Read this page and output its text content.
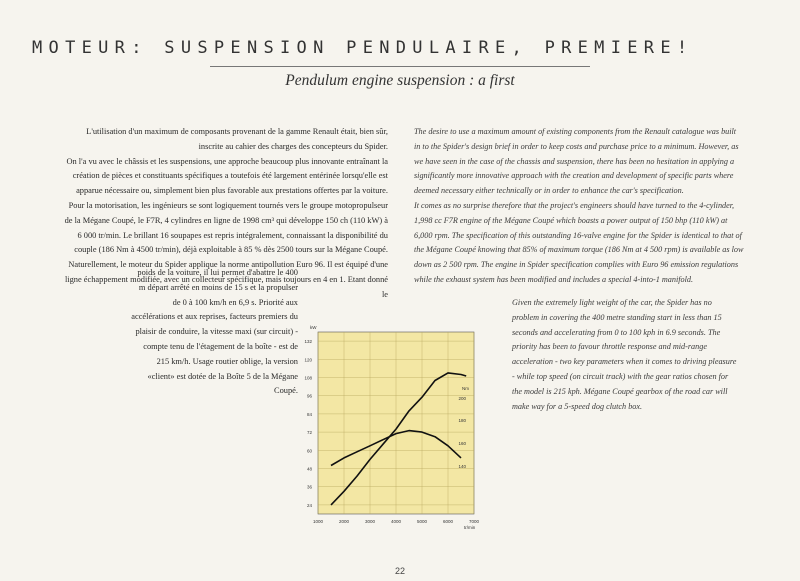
MOTEUR: SUSPENSION PENDULAIRE, PREMIERE!
Pendulum engine suspension : a first

L'utilisation d'un maximum de composants provenant de la gamme Renault était, bien sûr, inscrite au cahier des charges des concepteurs du Spider.

On l'a vu avec le châssis et les suspensions, une approche beaucoup plus innovante entraînant la création de pièces et constituants spécifiques a toutefois été largement entérinée lorsqu'elle est apparue nécessaire ou, simplement bien plus favorable aux prestations offertes par la voiture.

Pour la motorisation, les ingénieurs se sont logiquement tournés vers le groupe motopropulseur de la Mégane Coupé, le F7R, 4 cylindres en ligne de 1998 cm³ qui développe 150 ch (110 kW) à 6 000 tr/min. Le brillant 16 soupapes est repris intégralement, connaissant la disponibilité du couple (186 Nm à 4500 tr/min), déjà exploitable à 85 % dès 2500 tours sur la Mégane Coupé.

Naturellement, le moteur du Spider applique la norme antipollution Euro 96. Il est équipé d'une ligne échappement modifiée, avec un collecteur spécifique, mais toujours en 4 en 1. Etant donné le

poids de la voiture, il lui permet d'abattre le 400 m départ arrêté en moins de 15 s et la propulser de 0 à 100 km/h en 6,9 s. Priorité aux accélérations et aux reprises, facteurs premiers du plaisir de conduire, la vitesse maxi (sur circuit) - compte tenu de l'étagement de la boîte - est de 215 km/h. Usage routier oblige, la version «client» est dotée de la Boîte 5 de la Mégane Coupé.

The desire to use a maximum amount of existing components from the Renault catalogue was built in to the Spider's design brief in order to keep costs and purchase price to a minimum. However, as we have seen in the case of the chassis and suspension, there has been no hesitation in applying a significantly more innovative approach with the creation and development of specific parts where deemed necessary either technically or in order to enhance the car's specification.

It comes as no surprise therefore that the project's engineers should have turned to the 4-cylinder, 1,998 cc F7R engine of the Mégane Coupé which boasts a power output of 150 bhp (110 kW) at 6,000 rpm. The specification of this outstanding 16-valve engine for the Spider is identical to that of the Mégane Coupé knowing that 85% of maximum torque (186 Nm at 4 500 rpm) is available as low down as 2 500 rpm. The engine in Spider specification complies with Euro 96 emission regulations while the exhaust system has been modified and includes a special 4-into-1 manifold.

Given the extremely light weight of the car, the Spider has no problem in covering the 400 metre standing start in less than 15 seconds and accelerating from 0 to 100 kph in 6.9 seconds. The priority has been to favour throttle response and mid-range acceleration - two key parameters when it comes to driving pleasure - while top speed (on circuit track) with the gear ratios chosen for the model is 215 kph. Mégane Coupé gearbox of the road car will make way for a 5-speed dog clutch box.
24
36
48
60
72
84
96
108
120
132
1000	2000	3000	4000	5000	6000	7000
140
160
180
200
kW
Nm
tr/min
22
